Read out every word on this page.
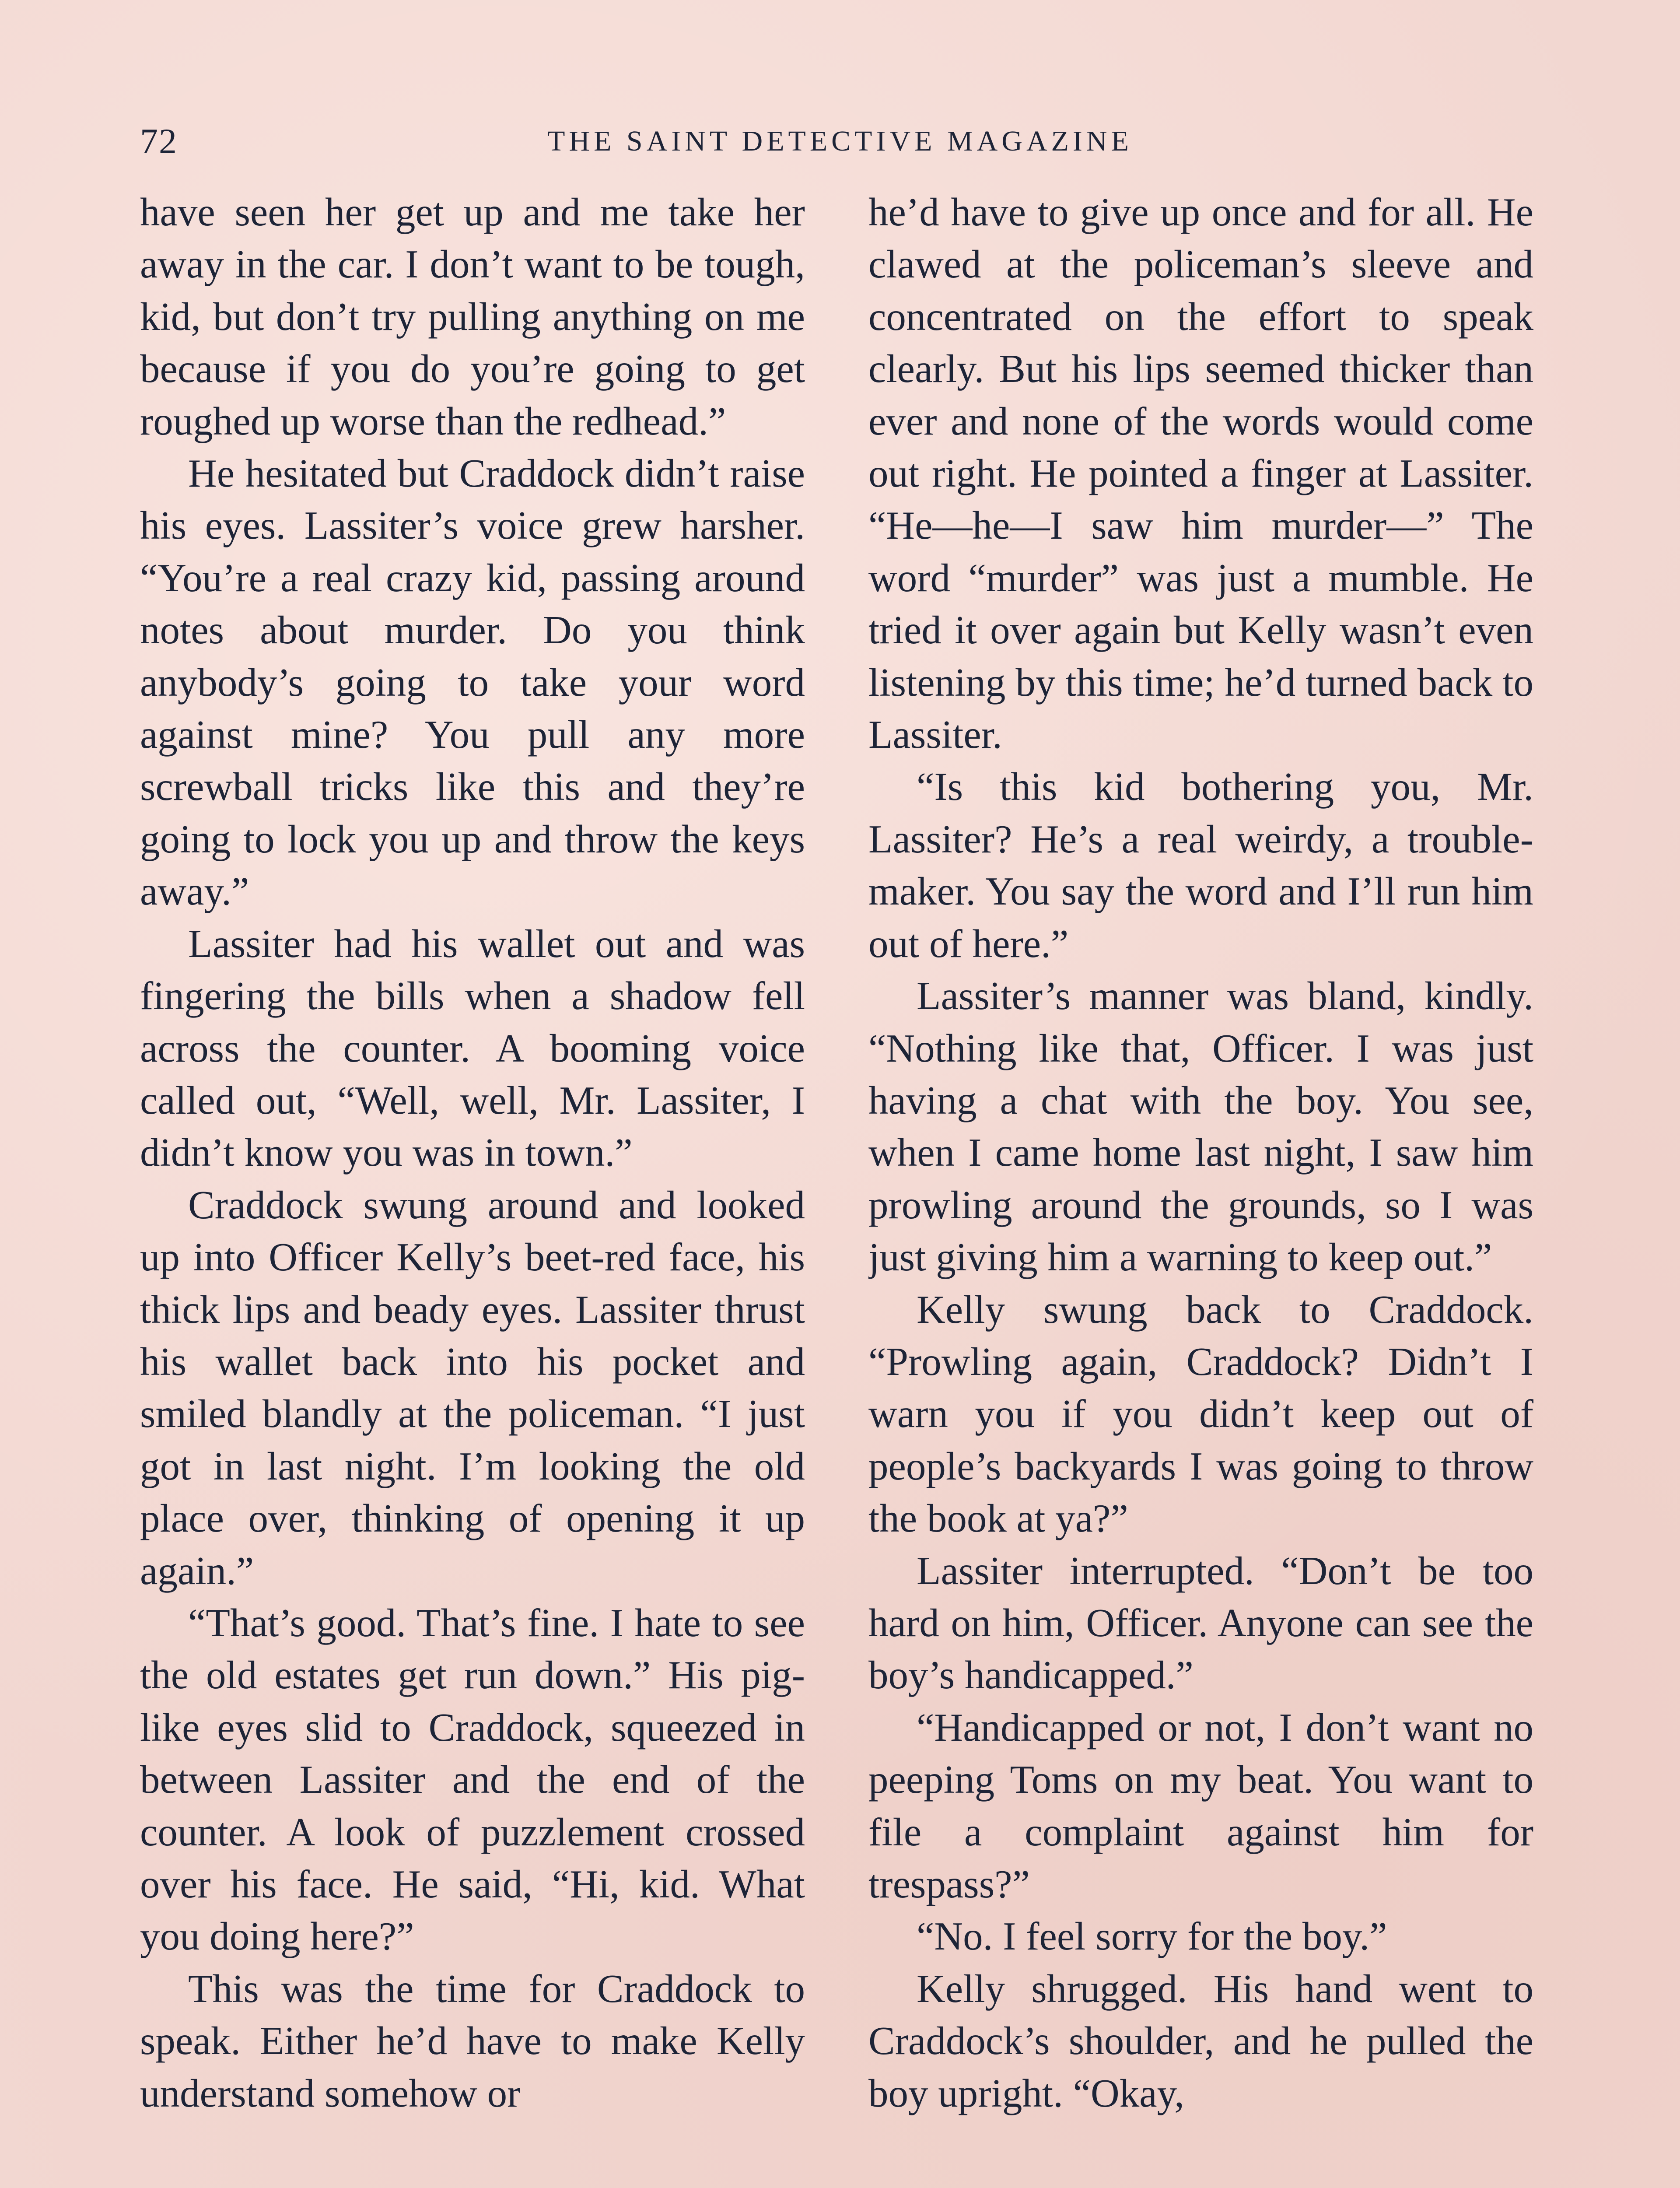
72	THE SAINT DETECTIVE MAGAZINE

have seen her get up and me take her away in the car. I don’t want to be tough, kid, but don’t try pulling anything on me because if you do you’re going to get roughed up worse than the redhead.”

He hesitated but Craddock didn’t raise his eyes. Lassiter’s voice grew harsher. “You’re a real crazy kid, passing around notes about murder. Do you think anybody’s going to take your word against mine? You pull any more screwball tricks like this and they’re going to lock you up and throw the keys away.”

Lassiter had his wallet out and was fingering the bills when a shadow fell across the counter. A booming voice called out, “Well, well, Mr. Lassiter, I didn’t know you was in town.”

Craddock swung around and looked up into Officer Kelly’s beet-red face, his thick lips and beady eyes. Lassiter thrust his wallet back into his pocket and smiled blandly at the policeman. “I just got in last night. I’m looking the old place over, thinking of opening it up again.”

“That’s good. That’s fine. I hate to see the old estates get run down.” His pig-like eyes slid to Craddock, squeezed in between Lassiter and the end of the counter. A look of puzzlement crossed over his face. He said, “Hi, kid. What you doing here?”

This was the time for Craddock to speak. Either he’d have to make Kelly understand somehow or

he’d have to give up once and for all. He clawed at the policeman’s sleeve and concentrated on the effort to speak clearly. But his lips seemed thicker than ever and none of the words would come out right. He pointed a finger at Lassiter. “He—he—I saw him murder—” The word “murder” was just a mumble. He tried it over again but Kelly wasn’t even listening by this time; he’d turned back to Lassiter.

“Is this kid bothering you, Mr. Lassiter? He’s a real weirdy, a trouble-maker. You say the word and I’ll run him out of here.”

Lassiter’s manner was bland, kindly. “Nothing like that, Officer. I was just having a chat with the boy. You see, when I came home last night, I saw him prowling around the grounds, so I was just giving him a warning to keep out.”

Kelly swung back to Craddock. “Prowling again, Craddock? Didn’t I warn you if you didn’t keep out of people’s backyards I was going to throw the book at ya?”

Lassiter interrupted. “Don’t be too hard on him, Officer. Anyone can see the boy’s handicapped.”

“Handicapped or not, I don’t want no peeping Toms on my beat. You want to file a complaint against him for trespass?”

“No. I feel sorry for the boy.”

Kelly shrugged. His hand went to Craddock’s shoulder, and he pulled the boy upright. “Okay,
